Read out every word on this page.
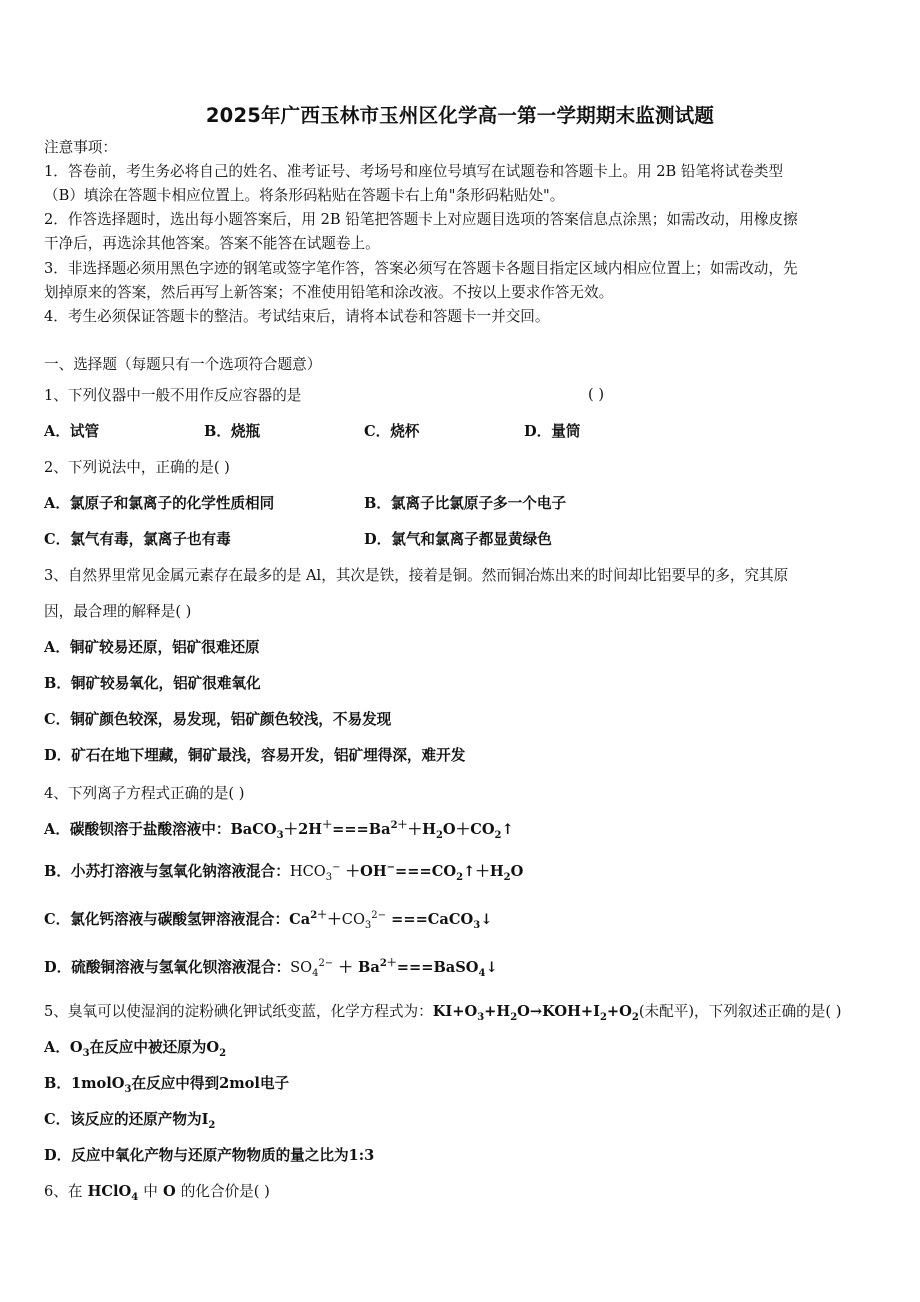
2025年广西玉林市玉州区化学高一第一学期期末监测试题
注意事项：
1．答卷前，考生务必将自己的姓名、准考证号、考场号和座位号填写在试题卷和答题卡上。用 2B 铅笔将试卷类型
（B）填涂在答题卡相应位置上。将条形码粘贴在答题卡右上角"条形码粘贴处"。
2．作答选择题时，选出每小题答案后，用 2B 铅笔把答题卡上对应题目选项的答案信息点涂黑；如需改动，用橡皮擦
干净后，再选涂其他答案。答案不能答在试题卷上。
3．非选择题必须用黑色字迹的钢笔或签字笔作答，答案必须写在答题卡各题目指定区域内相应位置上；如需改动，先
划掉原来的答案，然后再写上新答案；不准使用铅笔和涂改液。不按以上要求作答无效。
4．考生必须保证答题卡的整洁。考试结束后，请将本试卷和答题卡一并交回。
一、选择题（每题只有一个选项符合题意）
1、下列仪器中一般不用作反应容器的是	( )
A．试管	B．烧瓶	C．烧杯	D．量筒
2、下列说法中，正确的是( )
A．氯原子和氯离子的化学性质相同	B．氯离子比氯原子多一个电子
C．氯气有毒，氯离子也有毒	D．氯气和氯离子都显黄绿色
3、自然界里常见金属元素存在最多的是 Al，其次是铁，接着是铜。然而铜冶炼出来的时间却比铝要早的多，究其原
因，最合理的解释是( )
A．铜矿较易还原，铝矿很难还原
B．铜矿较易氧化，铝矿很难氧化
C．铜矿颜色较深，易发现，铝矿颜色较浅，不易发现
D．矿石在地下埋藏，铜矿最浅，容易开发，铝矿埋得深，难开发
4、下列离子方程式正确的是( )
A．碳酸钡溶于盐酸溶液中：$BaCO_3+2H^+===Ba^{2+}+H_2O+CO_2↑$
B．小苏打溶液与氢氧化钠溶液混合：$HCO_3^-$ $+OH^-===CO_2↑+H_2O$
C．氯化钙溶液与碳酸氢钾溶液混合：$Ca^{2+}+CO_3^{2-}$ ===CaCO$_3$↓
D．硫酸铜溶液与氢氧化钡溶液混合：$SO_4^{2-}$ ＋ $Ba^{2+}===BaSO_4↓$
5、臭氧可以使湿润的淀粉碘化钾试纸变蓝，化学方程式为：$KI+O_3+H_2O\to KOH+I_2+O_2$(未配平)，下列叙述正确的是( )
A．$O_3$在反应中被还原为$O_2$
B．1molO$_3$在反应中得到2mol电子
C．该反应的还原产物为$I_2$
D．反应中氧化产物与还原产物物质的量之比为1:3
6、在 HClO$_4$ 中 O 的化合价是( )
